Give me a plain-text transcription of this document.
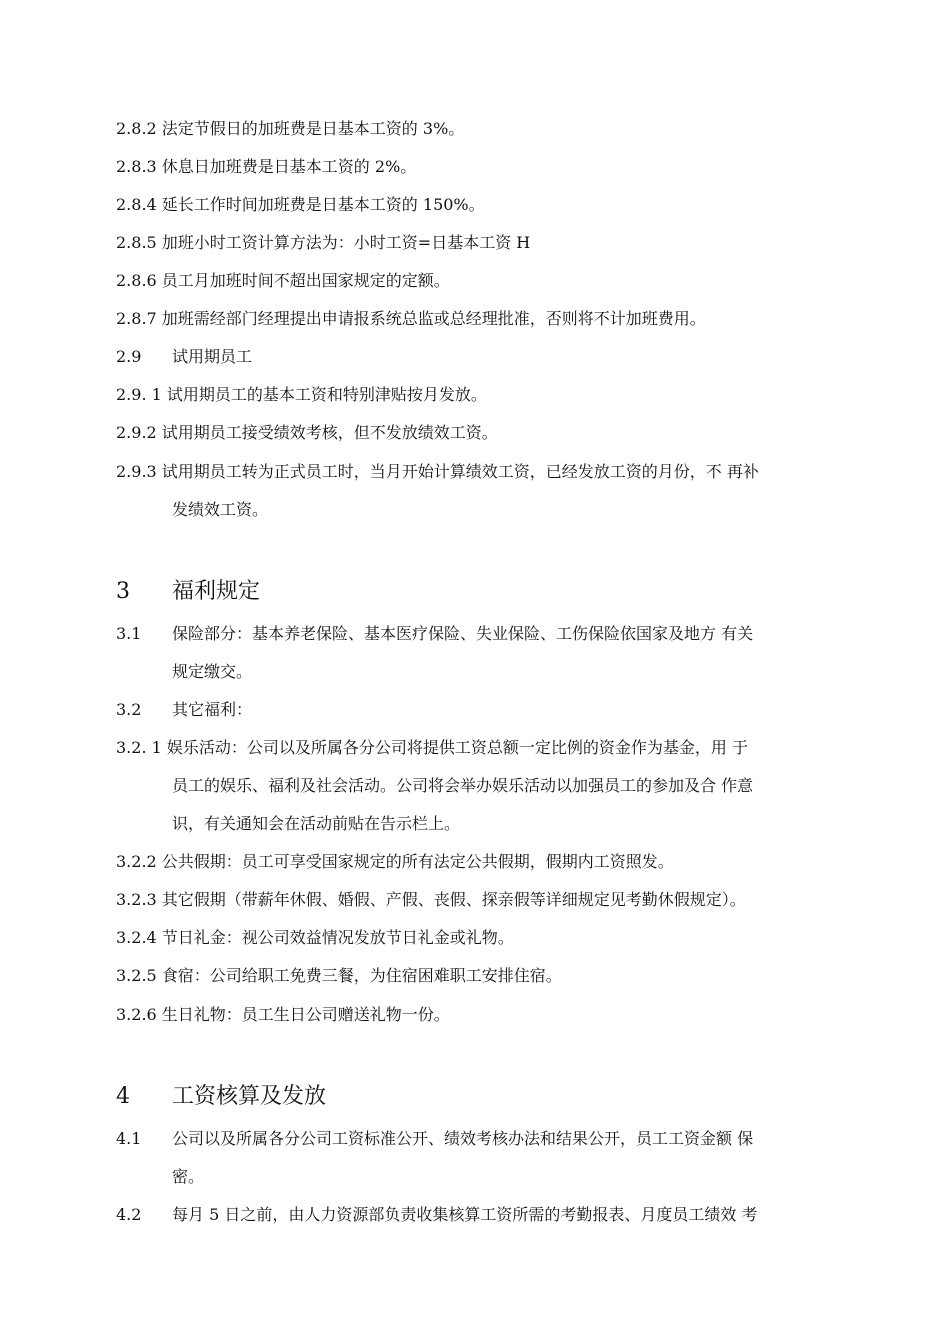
2.8.2 法定节假日的加班费是日基本工资的 3%。
2.8.3 休息日加班费是日基本工资的 2%。
2.8.4 延长工作时间加班费是日基本工资的 150%。
2.8.5 加班小时工资计算方法为：小时工资=日基本工资 H
2.8.6 员工月加班时间不超出国家规定的定额。
2.8.7 加班需经部门经理提出申请报系统总监或总经理批准，否则将不计加班费用。
2.9 试用期员工
2.9. 1 试用期员工的基本工资和特别津贴按月发放。
2.9.2 试用期员工接受绩效考核，但不发放绩效工资。
2.9.3 试用期员工转为正式员工时，当月开始计算绩效工资，已经发放工资的月份，不 再补
发绩效工资。
3 福利规定
3.1 保险部分：基本养老保险、基本医疗保险、失业保险、工伤保险依国家及地方 有关
规定缴交。
3.2 其它福利：
3.2. 1 娱乐活动：公司以及所属各分公司将提供工资总额一定比例的资金作为基金，用 于
员工的娱乐、福利及社会活动。公司将会举办娱乐活动以加强员工的参加及合 作意
识，有关通知会在活动前贴在告示栏上。
3.2.2 公共假期：员工可享受国家规定的所有法定公共假期，假期内工资照发。
3.2.3 其它假期（带薪年休假、婚假、产假、丧假、探亲假等详细规定见考勤休假规定）。
3.2.4 节日礼金：视公司效益情况发放节日礼金或礼物。
3.2.5 食宿：公司给职工免费三餐，为住宿困难职工安排住宿。
3.2.6 生日礼物：员工生日公司赠送礼物一份。
4 工资核算及发放
4.1 公司以及所属各分公司工资标准公开、绩效考核办法和结果公开，员工工资金额 保
密。
4.2 每月 5 日之前，由人力资源部负责收集核算工资所需的考勤报表、月度员工绩效 考
